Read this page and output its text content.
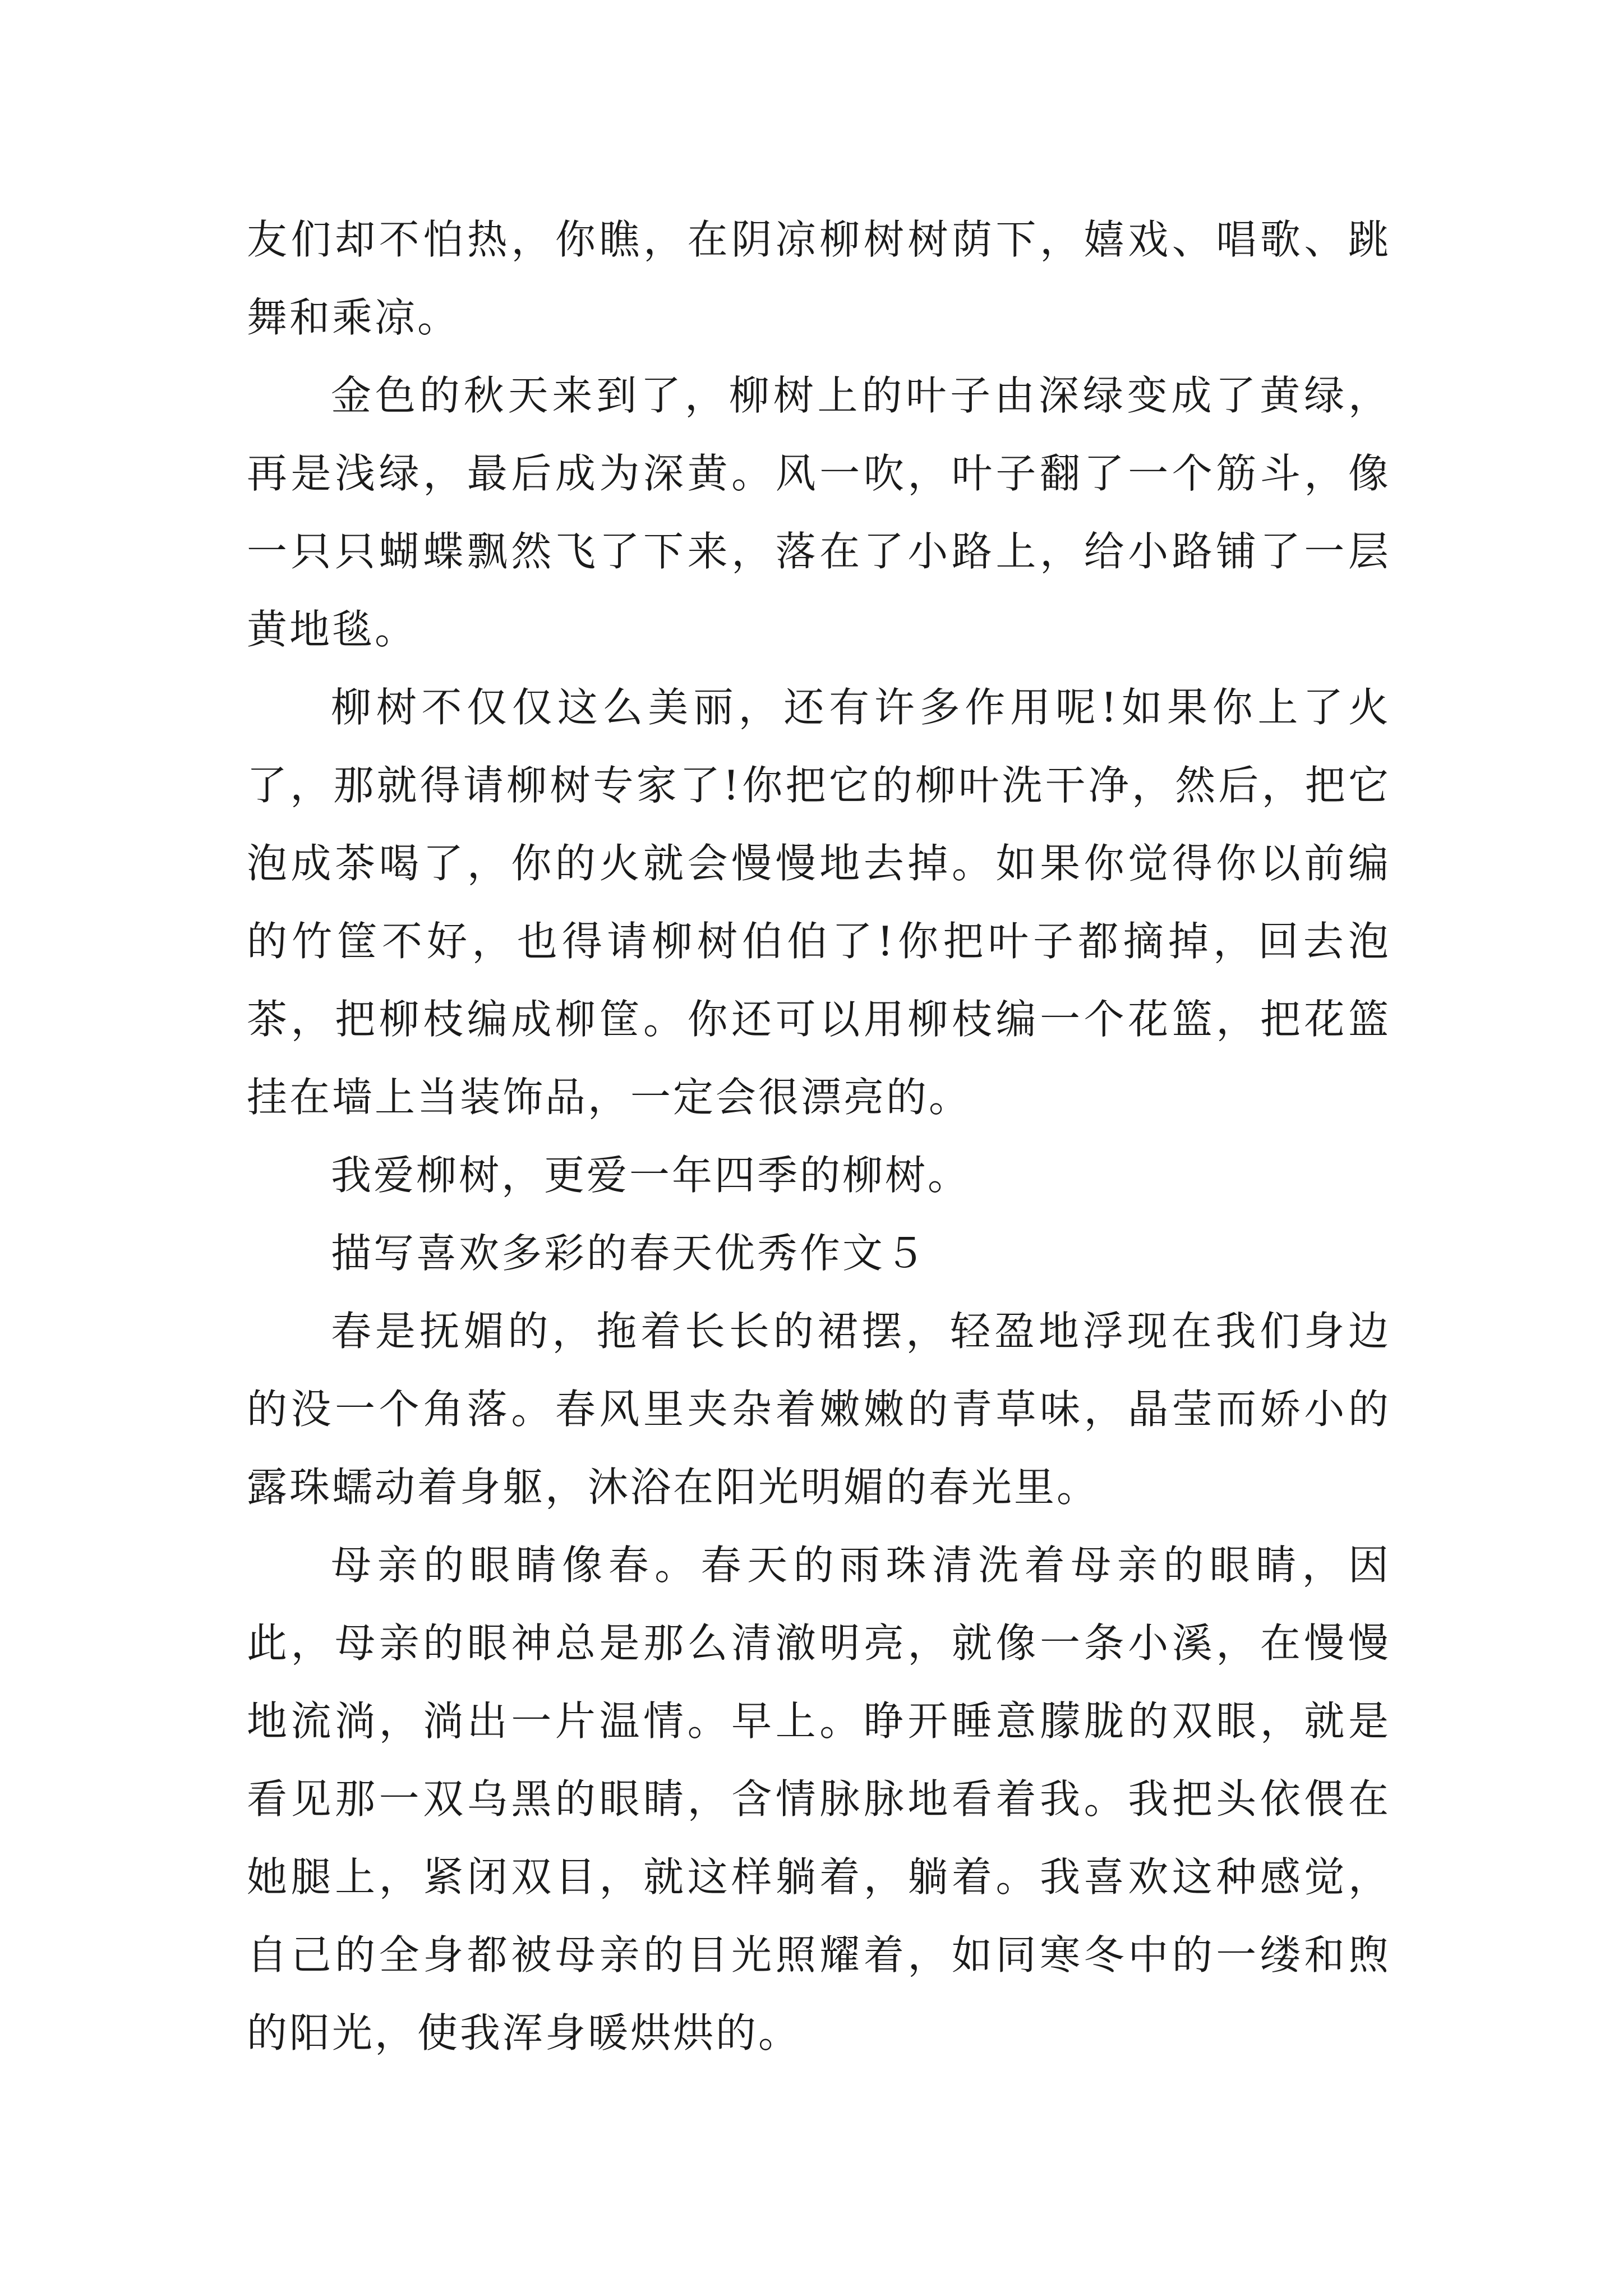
友们却不怕热，你瞧，在阴凉柳树树荫下，嬉戏、唱歌、跳舞和乘凉。

金色的秋天来到了，柳树上的叶子由深绿变成了黄绿，再是浅绿，最后成为深黄。风一吹，叶子翻了一个筋斗，像一只只蝴蝶飘然飞了下来，落在了小路上，给小路铺了一层黄地毯。

柳树不仅仅这么美丽，还有许多作用呢!如果你上了火了，那就得请柳树专家了!你把它的柳叶洗干净，然后，把它泡成茶喝了，你的火就会慢慢地去掉。如果你觉得你以前编的竹筐不好，也得请柳树伯伯了!你把叶子都摘掉，回去泡茶，把柳枝编成柳筐。你还可以用柳枝编一个花篮，把花篮挂在墙上当装饰品，一定会很漂亮的。

我爱柳树，更爱一年四季的柳树。

描写喜欢多彩的春天优秀作文５

春是抚媚的，拖着长长的裙摆，轻盈地浮现在我们身边的没一个角落。春风里夹杂着嫩嫩的青草味，晶莹而娇小的露珠蠕动着身躯，沐浴在阳光明媚的春光里。

母亲的眼睛像春。春天的雨珠清洗着母亲的眼睛，因此，母亲的眼神总是那么清澈明亮，就像一条小溪，在慢慢地流淌，淌出一片温情。早上。睁开睡意朦胧的双眼，就是看见那一双乌黑的眼睛，含情脉脉地看着我。我把头依偎在她腿上，紧闭双目，就这样躺着，躺着。我喜欢这种感觉，自己的全身都被母亲的目光照耀着，如同寒冬中的一缕和煦的阳光，使我浑身暖烘烘的。
